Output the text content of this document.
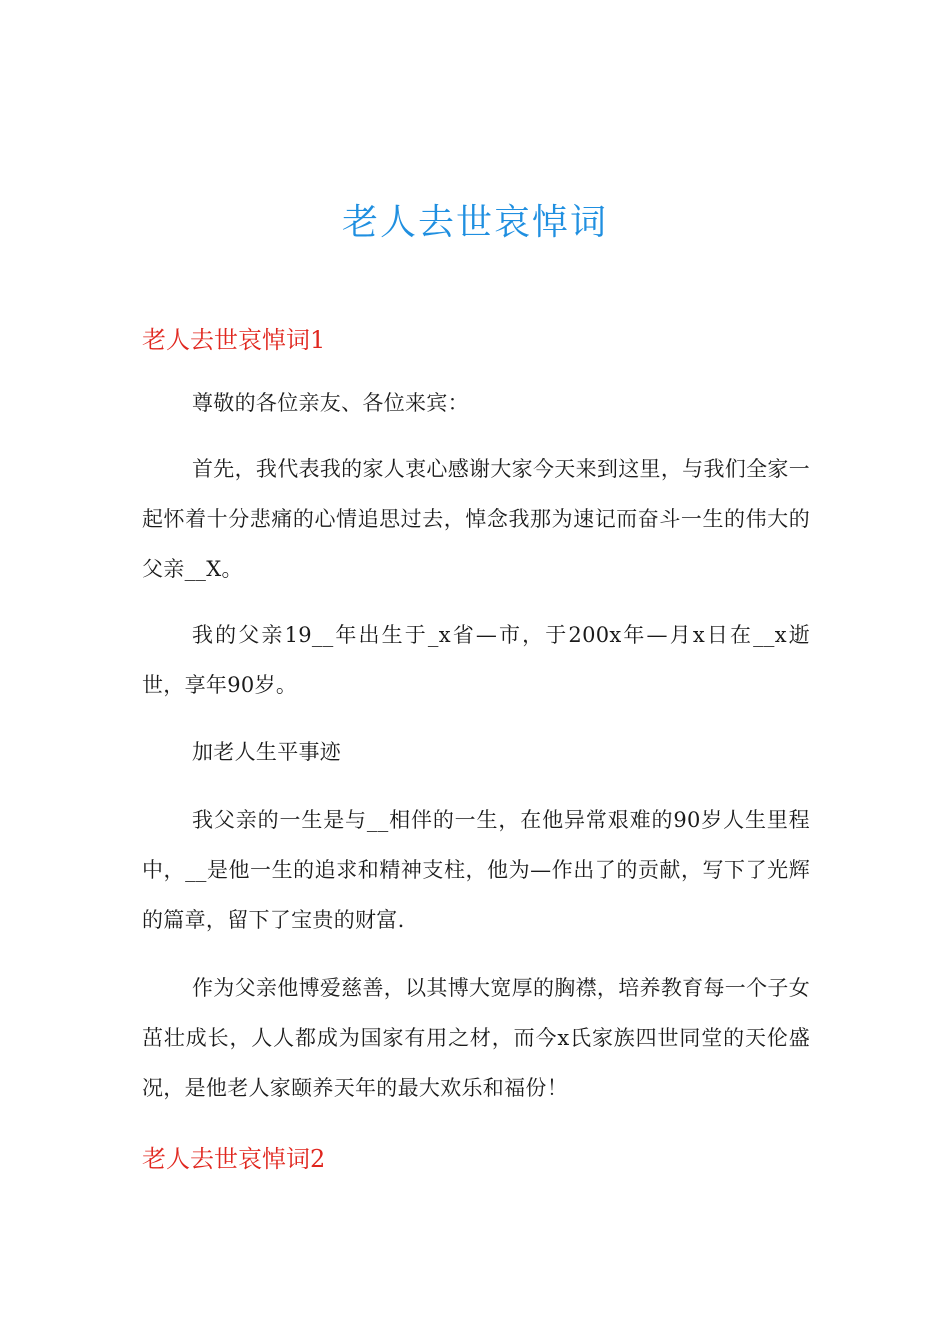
老人去世哀悼词
老人去世哀悼词1

尊敬的各位亲友、各位来宾：

首先，我代表我的家人衷心感谢大家今天来到这里，与我们全家一起怀着十分悲痛的心情追思过去，悼念我那为速记而奋斗一生的伟大的父亲__X。

我的父亲19__年出生于_x省—市，于200x年—月x日在__x逝世，享年90岁。

加老人生平事迹

我父亲的一生是与__相伴的一生，在他异常艰难的90岁人生里程中，__是他一生的追求和精神支柱，他为—作出了的贡献，写下了光辉的篇章，留下了宝贵的财富.

作为父亲他博爱慈善，以其博大宽厚的胸襟，培养教育每一个子女茁壮成长，人人都成为国家有用之材，而今x氏家族四世同堂的天伦盛况，是他老人家颐养天年的最大欢乐和福份！

老人去世哀悼词2
